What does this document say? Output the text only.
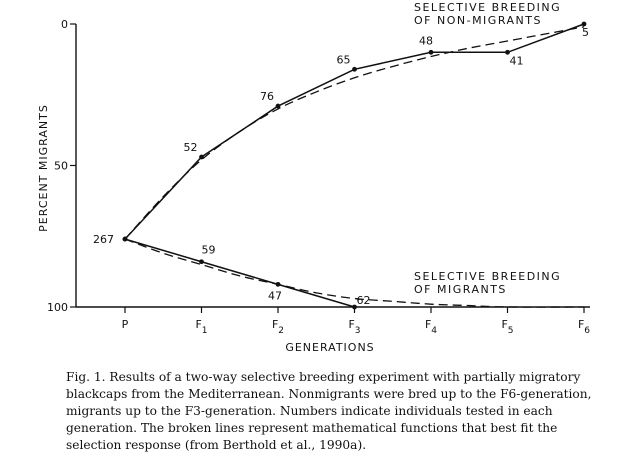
0
50
100
P	$F_1$	$F_2$	$F_3$	$F_4$	$F_5$	$F_6$
267
52
76
65
48
41
5
59
47	62
SELECTIVE BREEDING OF NON-MIGRANTS
SELECTIVE BREEDING OF MIGRANTS
PERCENT MIGRANTS
GENERATIONS
Fig. 1. Results of a two-way selective breeding experiment with partially migratory blackcaps from the Mediterranean. Nonmigrants were bred up to the F6-generation, migrants up to the F3-generation. Numbers indicate individuals tested in each generation. The broken lines represent mathematical functions that best fit the selection response (from Berthold et al., 1990a).
